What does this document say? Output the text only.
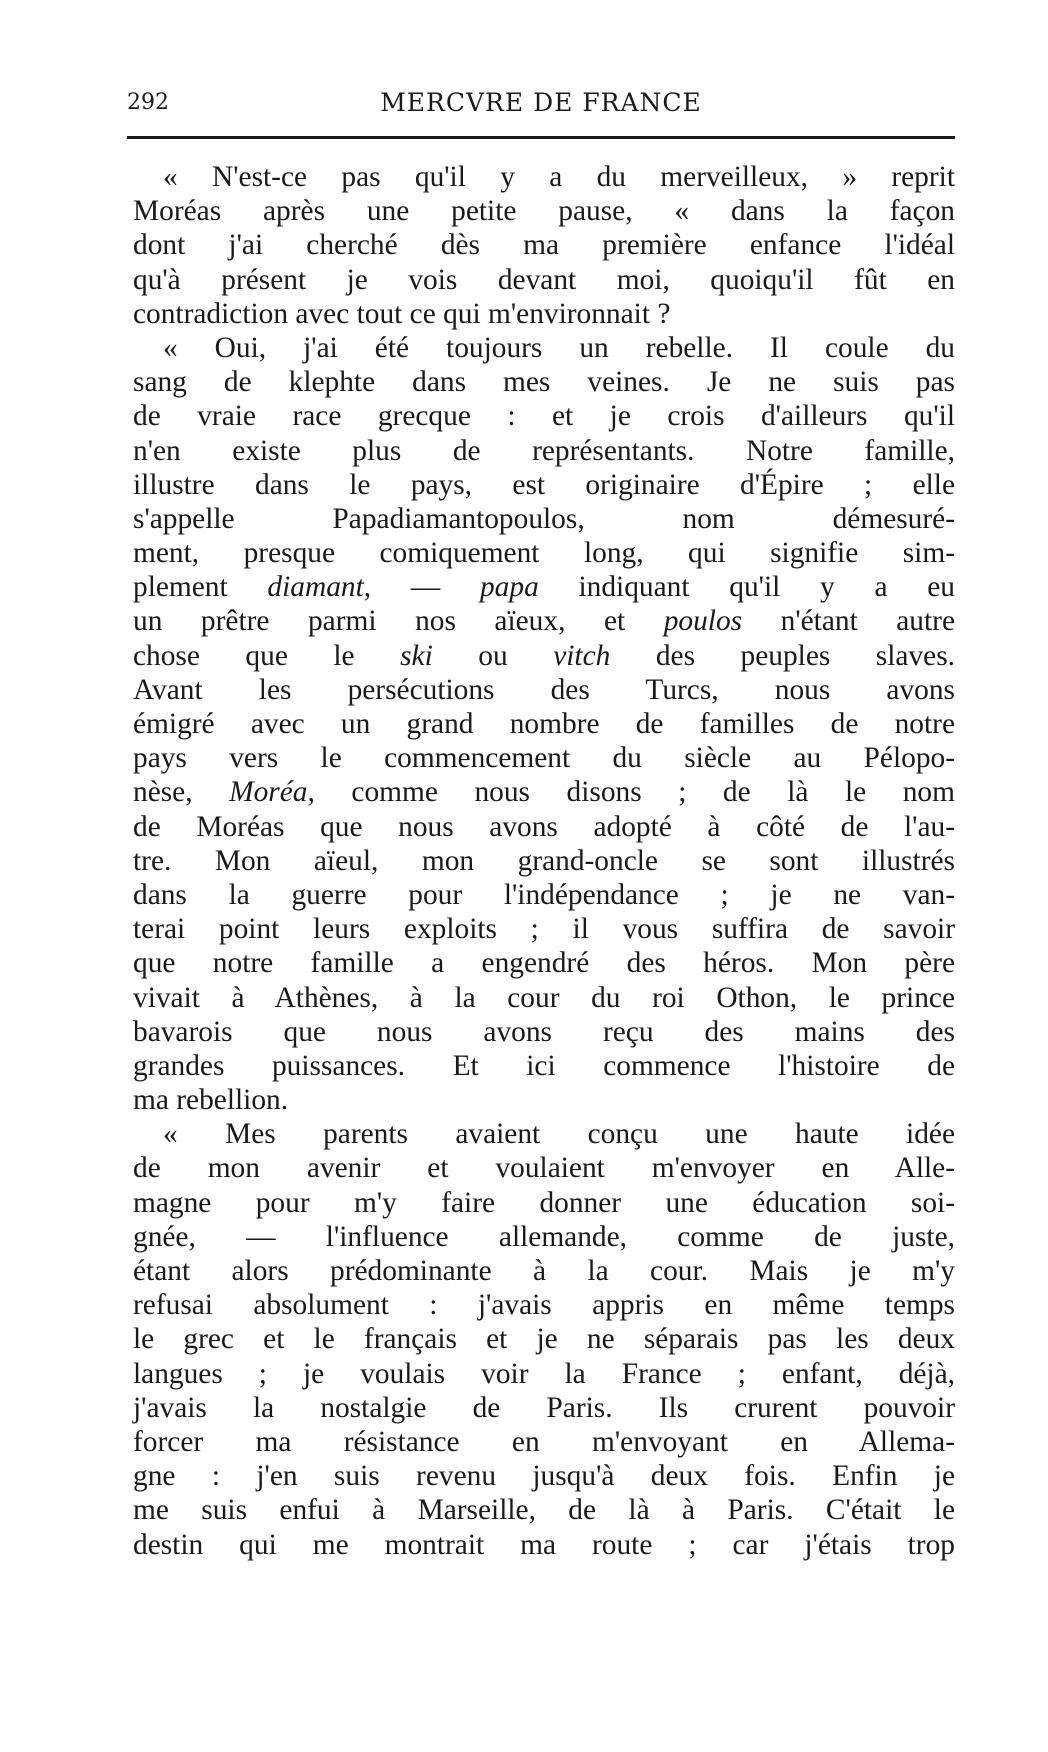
292	MERCVRE DE FRANCE
« N'est-ce pas qu'il y a du merveilleux, » reprit
Moréas après une petite pause, « dans la façon
dont j'ai cherché dès ma première enfance l'idéal
qu'à présent je vois devant moi, quoiqu'il fût en
contradiction avec tout ce qui m'environnait ?
« Oui, j'ai été toujours un rebelle. Il coule du
sang de klephte dans mes veines. Je ne suis pas
de vraie race grecque : et je crois d'ailleurs qu'il
n'en existe plus de représentants. Notre famille,
illustre dans le pays, est originaire d'Épire ; elle
s'appelle Papadiamantopoulos, nom démesuré-
ment, presque comiquement long, qui signifie sim-
plement diamant, — papa indiquant qu'il y a eu
un prêtre parmi nos aïeux, et poulos n'étant autre
chose que le ski ou vitch des peuples slaves.
Avant les persécutions des Turcs, nous avons
émigré avec un grand nombre de familles de notre
pays vers le commencement du siècle au Pélopo-
nèse, Moréa, comme nous disons ; de là le nom
de Moréas que nous avons adopté à côté de l'au-
tre. Mon aïeul, mon grand-oncle se sont illustrés
dans la guerre pour l'indépendance ; je ne van-
terai point leurs exploits ; il vous suffira de savoir
que notre famille a engendré des héros. Mon père
vivait à Athènes, à la cour du roi Othon, le prince
bavarois que nous avons reçu des mains des
grandes puissances. Et ici commence l'histoire de
ma rebellion.
« Mes parents avaient conçu une haute idée
de mon avenir et voulaient m'envoyer en Alle-
magne pour m'y faire donner une éducation soi-
gnée, — l'influence allemande, comme de juste,
étant alors prédominante à la cour. Mais je m'y
refusai absolument : j'avais appris en même temps
le grec et le français et je ne séparais pas les deux
langues ; je voulais voir la France ; enfant, déjà,
j'avais la nostalgie de Paris. Ils crurent pouvoir
forcer ma résistance en m'envoyant en Allema-
gne : j'en suis revenu jusqu'à deux fois. Enfin je
me suis enfui à Marseille, de là à Paris. C'était le
destin qui me montrait ma route ; car j'étais trop
